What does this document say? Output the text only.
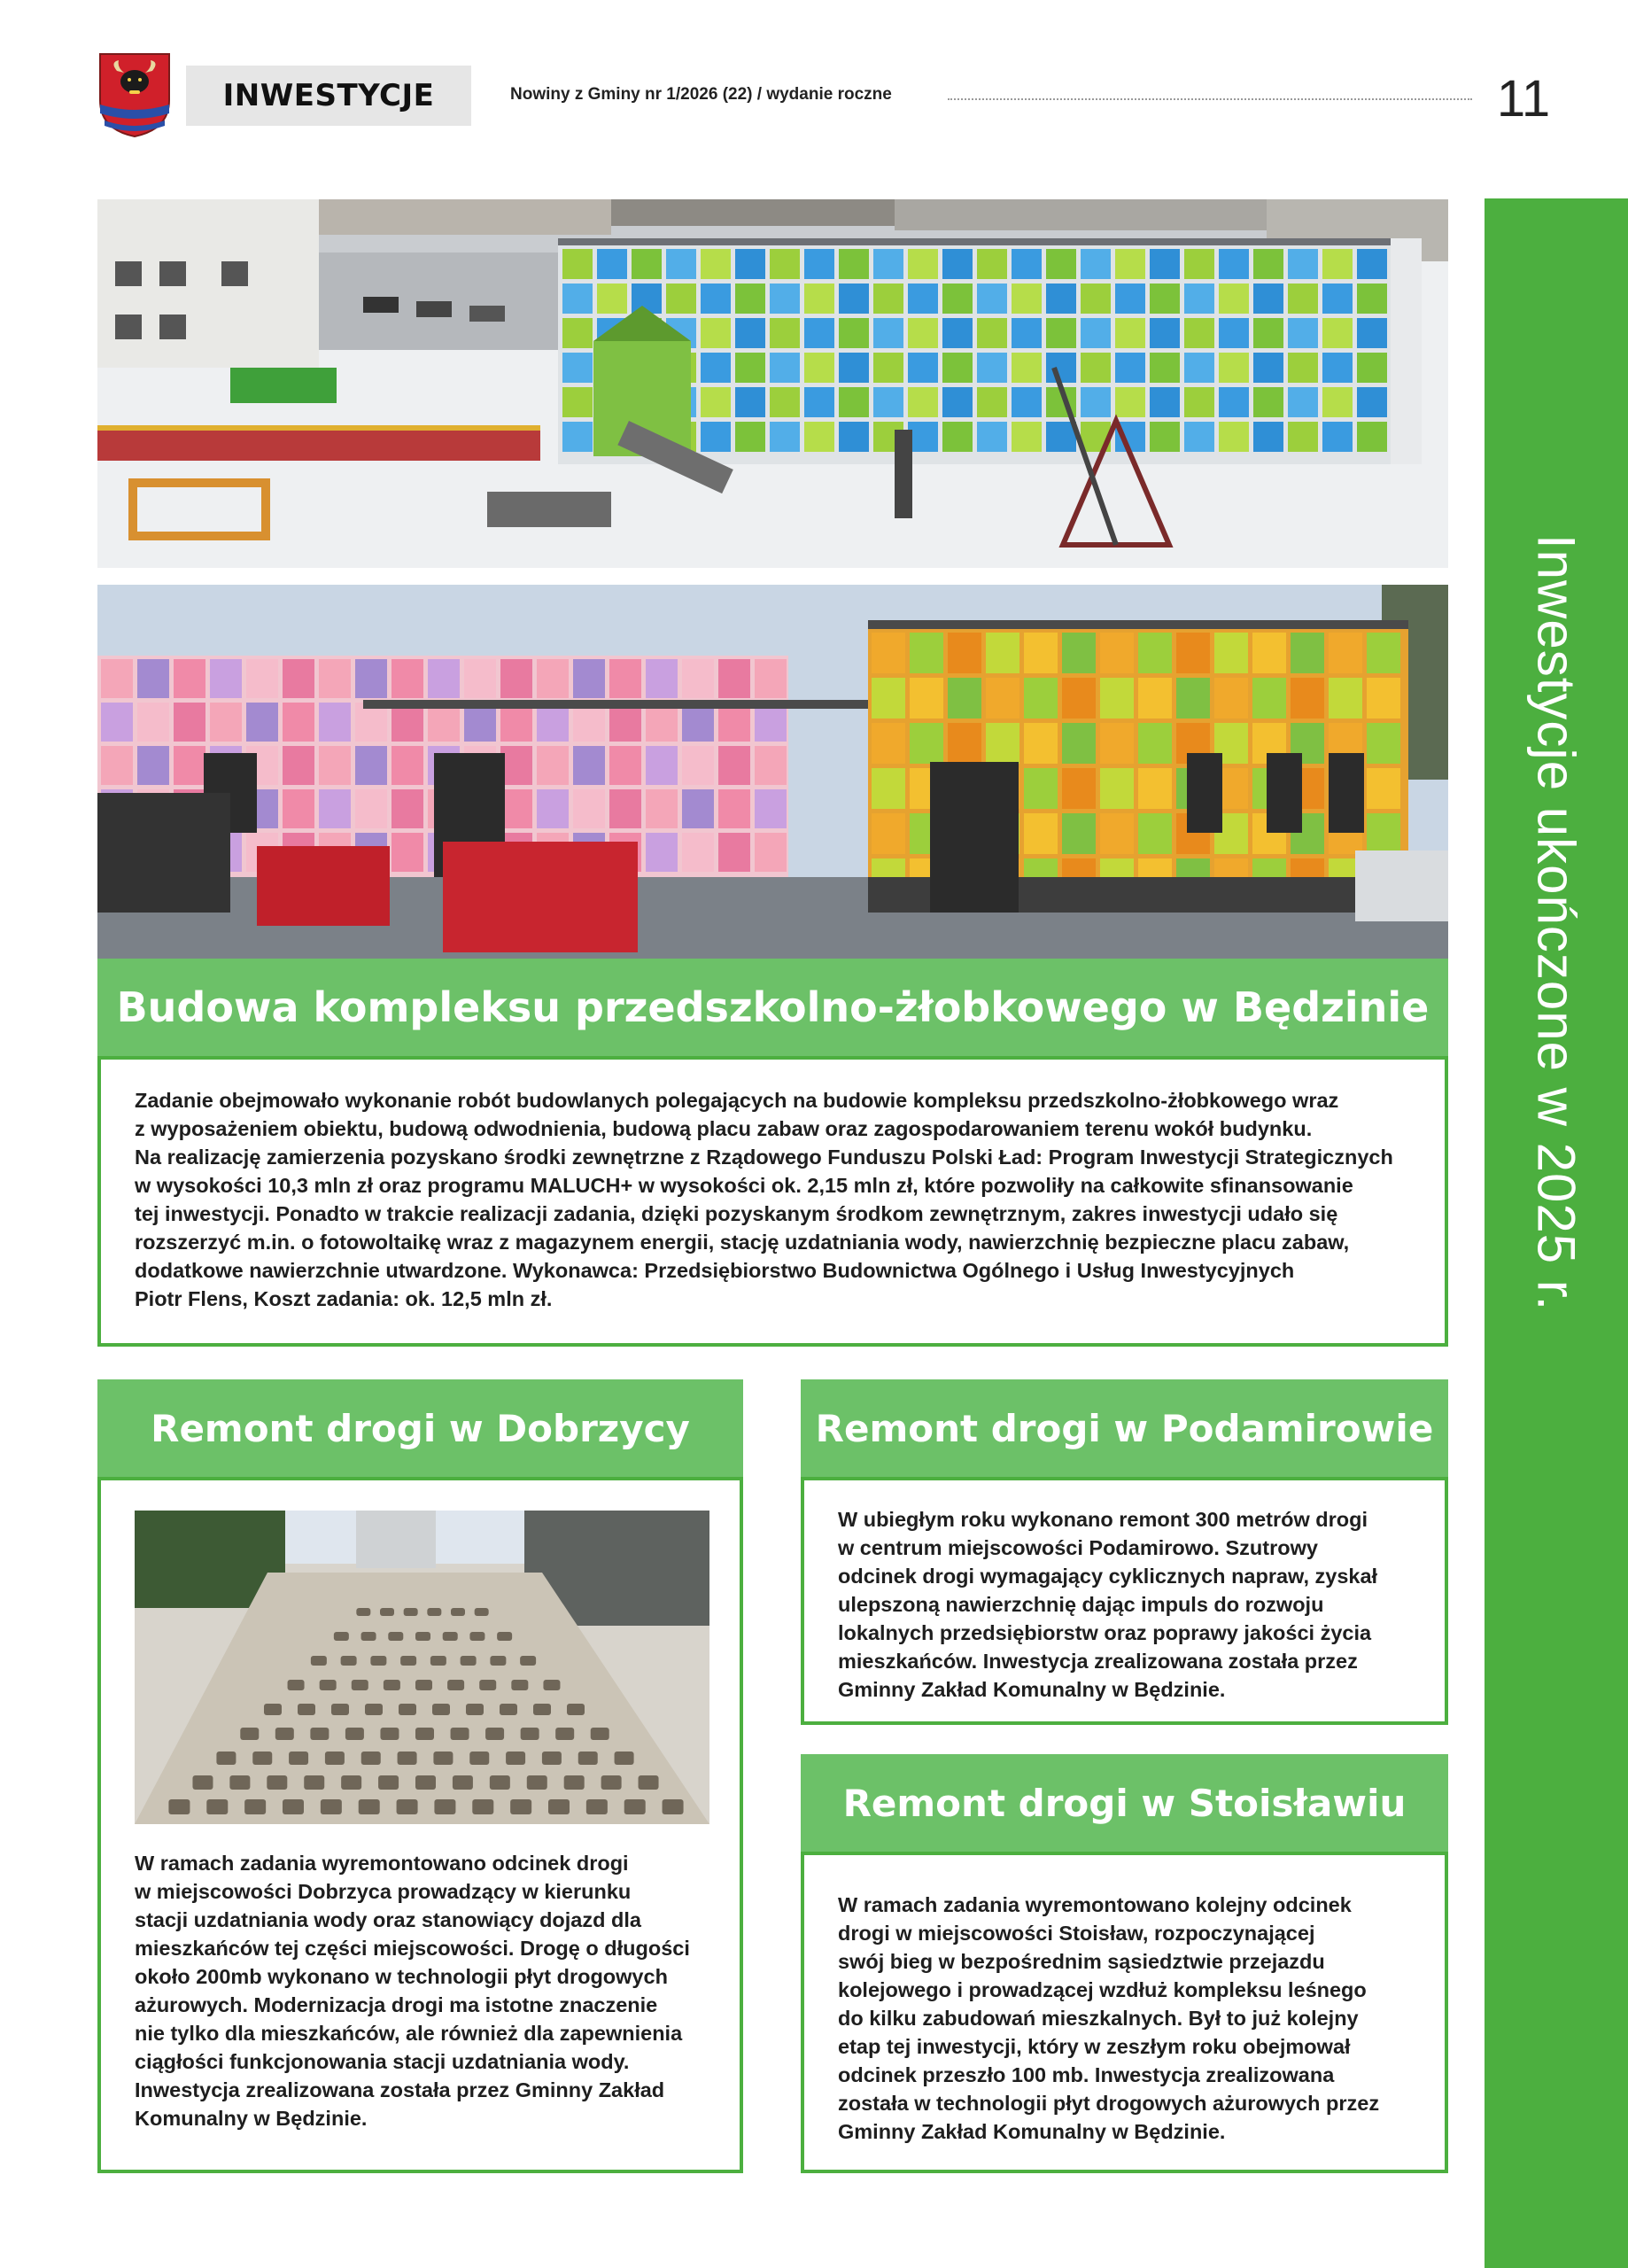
INWESTYCJE	Nowiny z Gminy nr 1/2026 (22) / wydanie roczne	11
Inwestycje ukończone w 2025 r.
Budowa kompleksu przedszkolno-żłobkowego w Będzinie

Zadanie obejmowało wykonanie robót budowlanych polegających na budowie kompleksu przedszkolno-żłobkowego wraz

z wyposażeniem obiektu, budową odwodnienia, budową placu zabaw oraz zagospodarowaniem terenu wokół budynku.

Na realizację zamierzenia pozyskano środki zewnętrzne z Rządowego Funduszu Polski Ład: Program Inwestycji Strategicznych

w wysokości 10,3 mln zł oraz programu MALUCH+ w wysokości ok. 2,15 mln zł, które pozwoliły na całkowite sfinansowanie

tej inwestycji. Ponadto w trakcie realizacji zadania, dzięki pozyskanym środkom zewnętrznym, zakres inwestycji udało się

rozszerzyć m.in. o fotowoltaikę wraz z magazynem energii, stację uzdatniania wody, nawierzchnię bezpieczne placu zabaw,

dodatkowe nawierzchnie utwardzone. Wykonawca: Przedsiębiorstwo Budownictwa Ogólnego i Usług Inwestycyjnych

Piotr Flens, Koszt zadania: ok. 12,5 mln zł.

Remont drogi w Dobrzycy

W ramach zadania wyremontowano odcinek drogi

w miejscowości Dobrzyca prowadzący w kierunku

stacji uzdatniania wody oraz stanowiący dojazd dla

mieszkańców tej części miejscowości. Drogę o długości

około 200mb wykonano w technologii płyt drogowych

ażurowych. Modernizacja drogi ma istotne znaczenie

nie tylko dla mieszkańców, ale również dla zapewnienia

ciągłości funkcjonowania stacji uzdatniania wody.

Inwestycja zrealizowana została przez Gminny Zakład

Komunalny w Będzinie.

Remont drogi w Podamirowie

W ubiegłym roku wykonano remont 300 metrów drogi

w centrum miejscowości Podamirowo. Szutrowy

odcinek drogi wymagający cyklicznych napraw, zyskał

ulepszoną nawierzchnię dając impuls do rozwoju

lokalnych przedsiębiorstw oraz poprawy jakości życia

mieszkańców. Inwestycja zrealizowana została przez

Gminny Zakład Komunalny w Będzinie.

Remont drogi w Stoisławiu

W ramach zadania wyremontowano kolejny odcinek

drogi w miejscowości Stoisław, rozpoczynającej

swój bieg w bezpośrednim sąsiedztwie przejazdu

kolejowego i prowadzącej wzdłuż kompleksu leśnego

do kilku zabudowań mieszkalnych. Był to już kolejny

etap tej inwestycji, który w zeszłym roku obejmował

odcinek przeszło 100 mb. Inwestycja zrealizowana

została w technologii płyt drogowych ażurowych przez

Gminny Zakład Komunalny w Będzinie.
